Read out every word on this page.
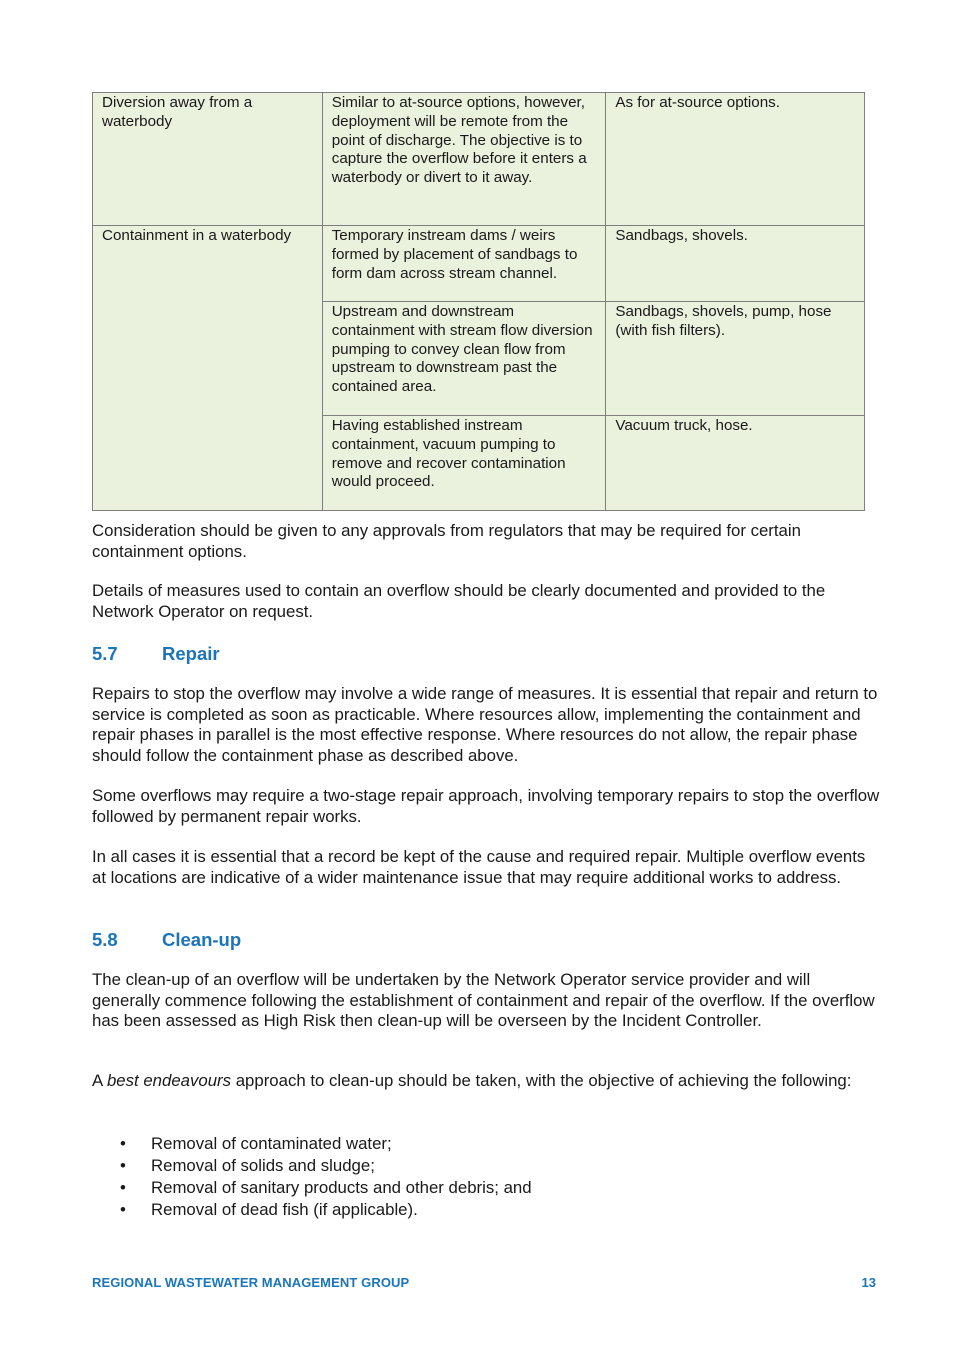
Diversion away from a waterbody	Similar to at-source options, however, deployment will be remote from the point of discharge. The objective is to capture the overflow before it enters a waterbody or divert to it away.	As for at-source options.
Containment in a waterbody	Temporary instream dams / weirs formed by placement of sandbags to form dam across stream channel.	Sandbags, shovels.
	Upstream and downstream containment with stream flow diversion pumping to convey clean flow from upstream to downstream past the contained area.	Sandbags, shovels, pump, hose (with fish filters).
	Having established instream containment, vacuum pumping to remove and recover contamination would proceed.	Vacuum truck, hose.

Consideration should be given to any approvals from regulators that may be required for certain containment options.

Details of measures used to contain an overflow should be clearly documented and provided to the Network Operator on request.

5.7 Repair

Repairs to stop the overflow may involve a wide range of measures. It is essential that repair and return to service is completed as soon as practicable. Where resources allow, implementing the containment and repair phases in parallel is the most effective response. Where resources do not allow, the repair phase should follow the containment phase as described above.

Some overflows may require a two-stage repair approach, involving temporary repairs to stop the overflow followed by permanent repair works.

In all cases it is essential that a record be kept of the cause and required repair. Multiple overflow events at locations are indicative of a wider maintenance issue that may require additional works to address.

5.8 Clean-up

The clean-up of an overflow will be undertaken by the Network Operator service provider and will generally commence following the establishment of containment and repair of the overflow. If the overflow has been assessed as High Risk then clean-up will be overseen by the Incident Controller.

A best endeavours approach to clean-up should be taken, with the objective of achieving the following:

• Removal of contaminated water;
• Removal of solids and sludge;
• Removal of sanitary products and other debris; and
• Removal of dead fish (if applicable).
REGIONAL WASTEWATER MANAGEMENT GROUP	13
